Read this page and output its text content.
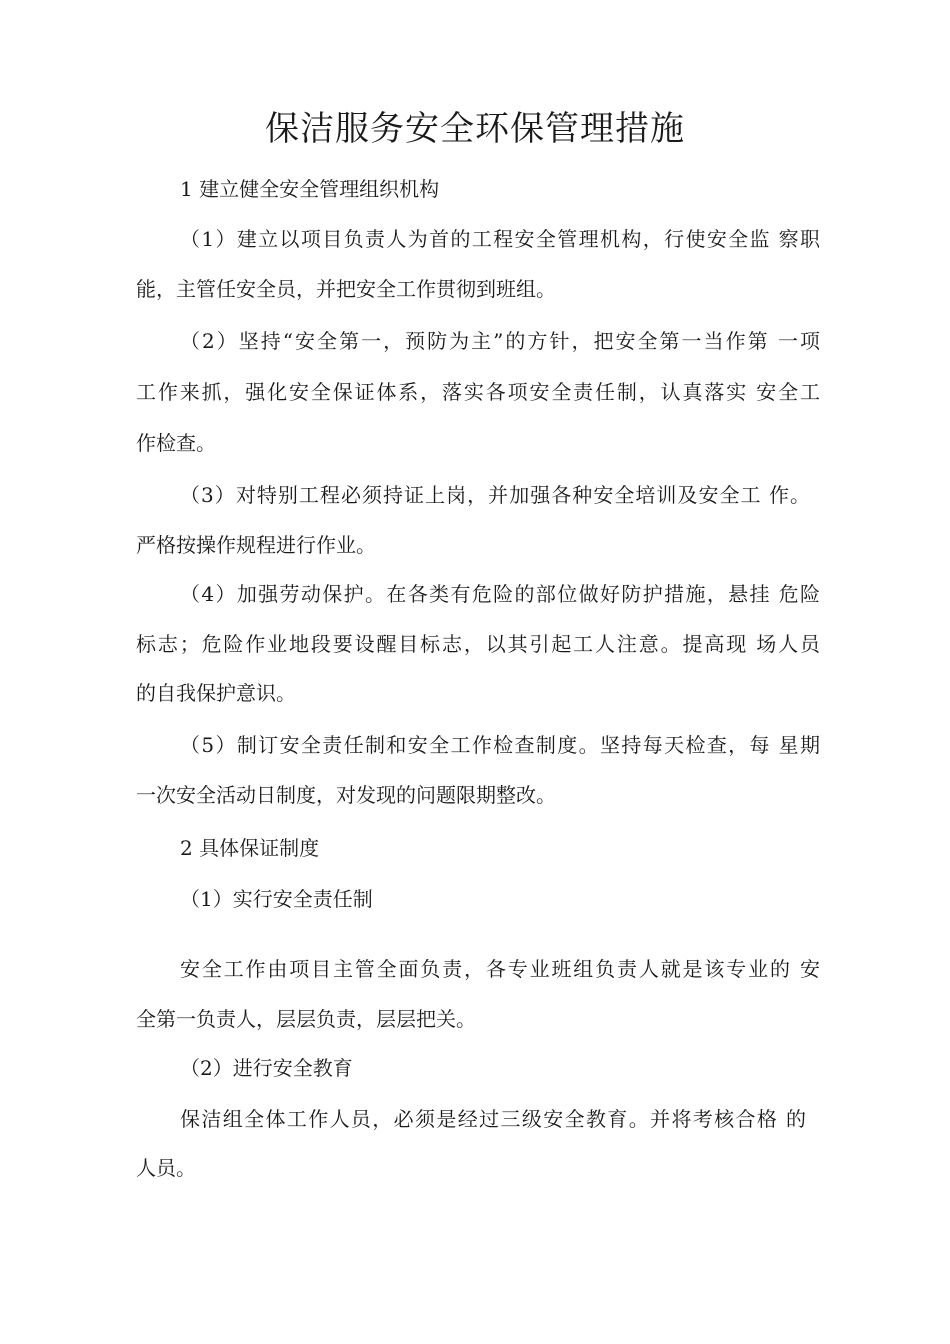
保洁服务安全环保管理措施
1 建立健全安全管理组织机构
（1）建立以项目负责人为首的工程安全管理机构，行使安全监 察职
能，主管任安全员，并把安全工作贯彻到班组。
（2）坚持“安全第一，预防为主”的方针，把安全第一当作第 一项
工作来抓，强化安全保证体系，落实各项安全责任制，认真落实 安全工
作检查。
（3）对特别工程必须持证上岗，并加强各种安全培训及安全工 作。
严格按操作规程进行作业。
（4）加强劳动保护。在各类有危险的部位做好防护措施，悬挂 危险
标志；危险作业地段要设醒目标志，以其引起工人注意。提高现 场人员
的自我保护意识。
（5）制订安全责任制和安全工作检查制度。坚持每天检查，每 星期
一次安全活动日制度，对发现的问题限期整改。
2 具体保证制度
（1）实行安全责任制
安全工作由项目主管全面负责，各专业班组负责人就是该专业的 安
全第一负责人，层层负责，层层把关。
（2）进行安全教育
保洁组全体工作人员，必须是经过三级安全教育。并将考核合格 的
人员。
